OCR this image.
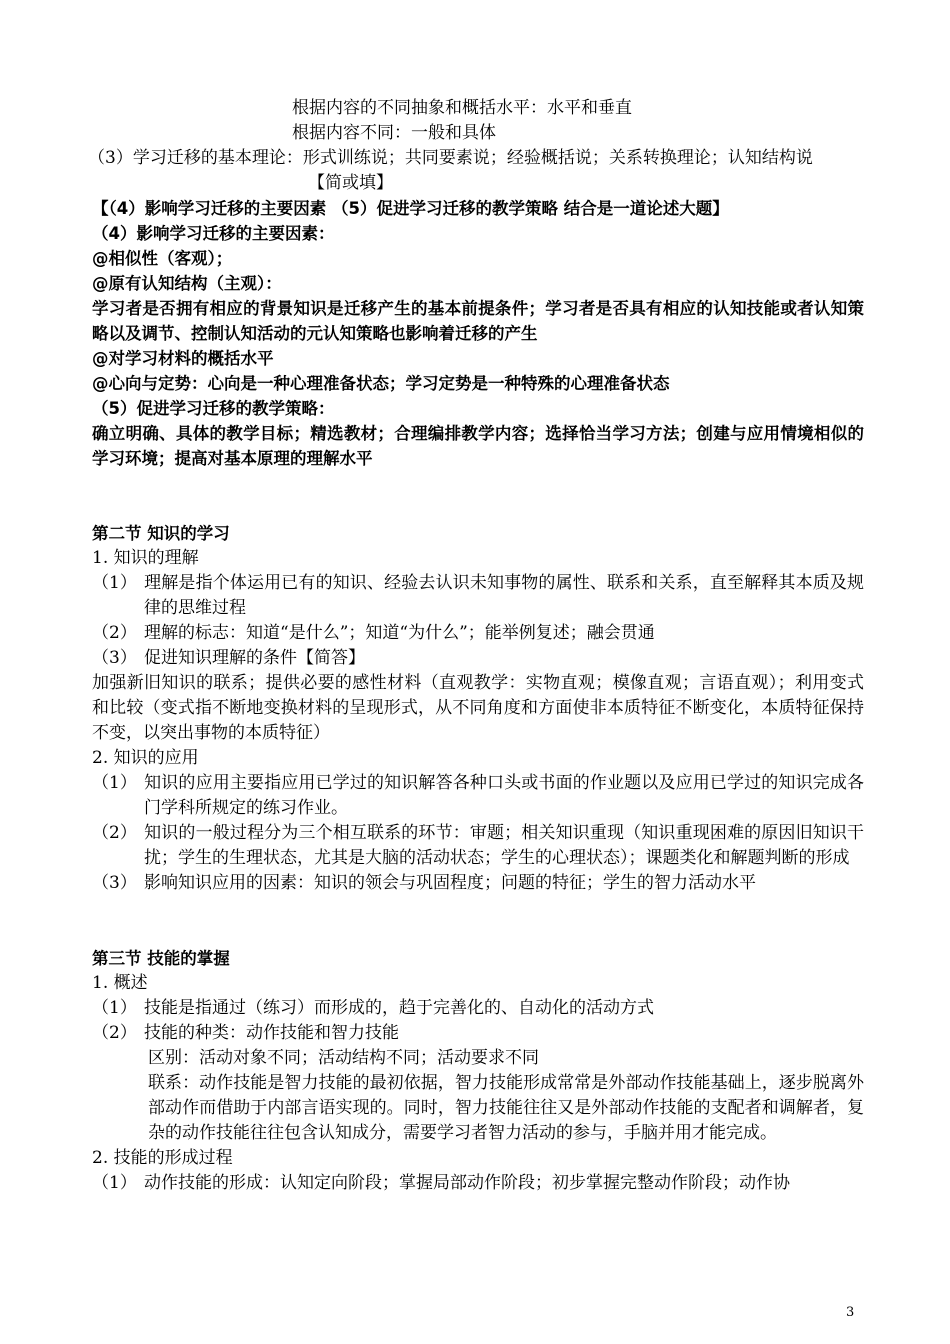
根据内容的不同抽象和概括水平：水平和垂直
根据内容不同：一般和具体
（3）学习迁移的基本理论：形式训练说；共同要素说；经验概括说；关系转换理论；认知结构说
【简或填】
【（4）影响学习迁移的主要因素 （5）促进学习迁移的教学策略 结合是一道论述大题】
（4）影响学习迁移的主要因素：
@相似性（客观）；
@原有认知结构（主观）：
学习者是否拥有相应的背景知识是迁移产生的基本前提条件；学习者是否具有相应的认知技能或者认知策略以及调节、控制认知活动的元认知策略也影响着迁移的产生
@对学习材料的概括水平
@心向与定势：心向是一种心理准备状态；学习定势是一种特殊的心理准备状态
（5）促进学习迁移的教学策略：
确立明确、具体的教学目标；精选教材；合理编排教学内容；选择恰当学习方法；创建与应用情境相似的学习环境；提高对基本原理的理解水平
第二节 知识的学习
1. 知识的理解
（1） 理解是指个体运用已有的知识、经验去认识未知事物的属性、联系和关系，直至解释其本质及规律的思维过程
（2） 理解的标志：知道“是什么”；知道“为什么”；能举例复述；融会贯通
（3） 促进知识理解的条件【简答】
加强新旧知识的联系；提供必要的感性材料（直观教学：实物直观；模像直观；言语直观）；利用变式和比较（变式指不断地变换材料的呈现形式，从不同角度和方面使非本质特征不断变化，本质特征保持不变，以突出事物的本质特征）
2. 知识的应用
（1） 知识的应用主要指应用已学过的知识解答各种口头或书面的作业题以及应用已学过的知识完成各门学科所规定的练习作业。
（2） 知识的一般过程分为三个相互联系的环节：审题；相关知识重现（知识重现困难的原因旧知识干扰；学生的生理状态，尤其是大脑的活动状态；学生的心理状态）；课题类化和解题判断的形成
（3） 影响知识应用的因素：知识的领会与巩固程度；问题的特征；学生的智力活动水平
第三节 技能的掌握
1. 概述
（1） 技能是指通过（练习）而形成的，趋于完善化的、自动化的活动方式
（2） 技能的种类：动作技能和智力技能
区别：活动对象不同；活动结构不同；活动要求不同
联系：动作技能是智力技能的最初依据，智力技能形成常常是外部动作技能基础上，逐步脱离外部动作而借助于内部言语实现的。同时，智力技能往往又是外部动作技能的支配者和调解者，复杂的动作技能往往包含认知成分，需要学习者智力活动的参与，手脑并用才能完成。
2. 技能的形成过程
（1） 动作技能的形成：认知定向阶段；掌握局部动作阶段；初步掌握完整动作阶段；动作协
3
